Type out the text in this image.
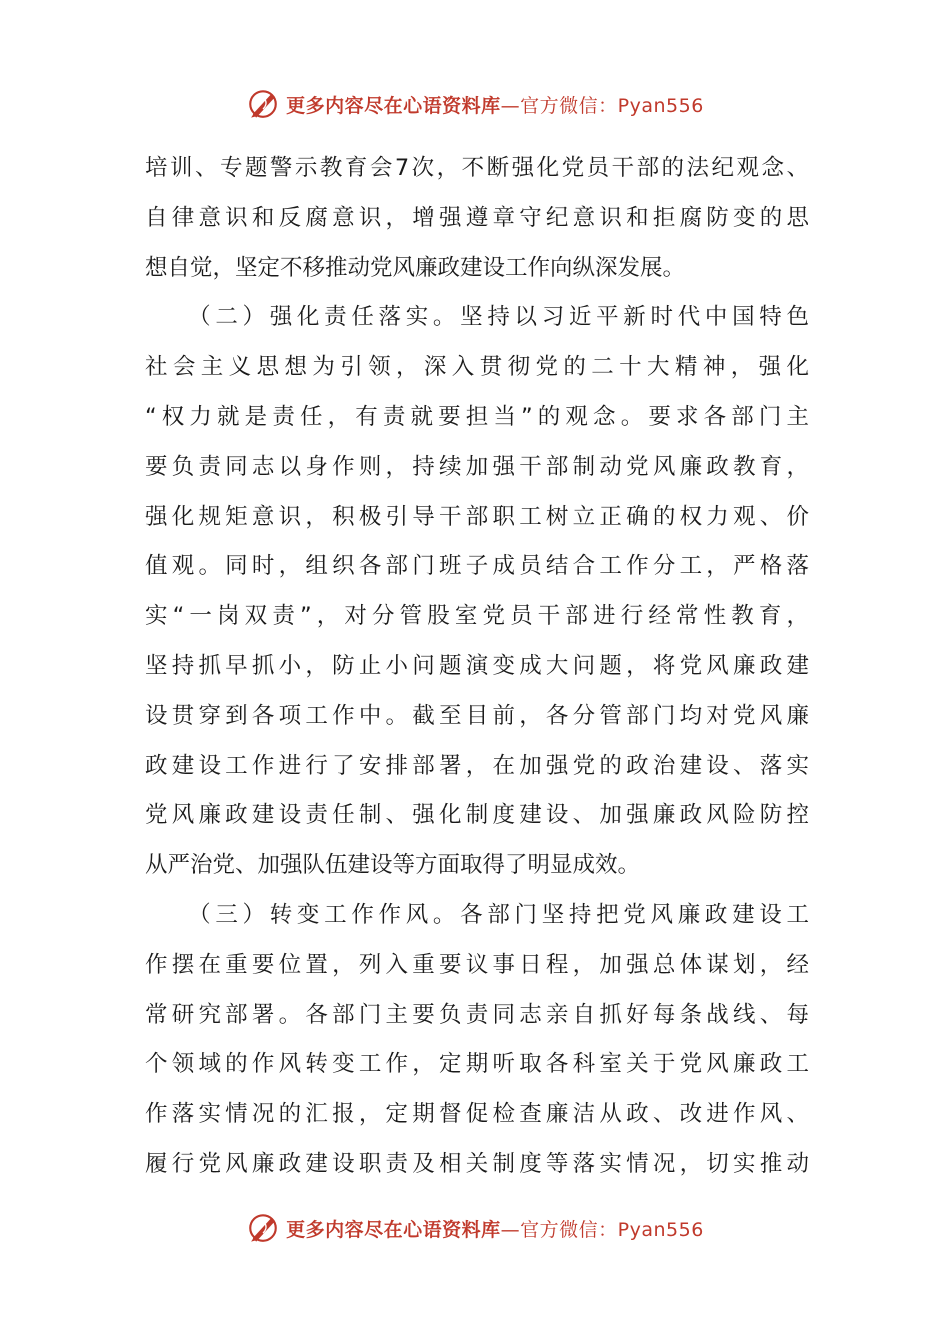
更多内容尽在心语资料库 —官方微信：Pyan556
培训、专题警示教育会7次，不断强化党员干部的法纪观念、
自律意识和反腐意识，增强遵章守纪意识和拒腐防变的思
想自觉，坚定不移推动党风廉政建设工作向纵深发展。
　　（二）强化责任落实。坚持以习近平新时代中国特色
社会主义思想为引领，深入贯彻党的二十大精神，强化
“权力就是责任，有责就要担当”的观念。要求各部门主
要负责同志以身作则，持续加强干部制动党风廉政教育，
强化规矩意识，积极引导干部职工树立正确的权力观、价
值观。同时，组织各部门班子成员结合工作分工，严格落
实“一岗双责”，对分管股室党员干部进行经常性教育，
坚持抓早抓小，防止小问题演变成大问题，将党风廉政建
设贯穿到各项工作中。截至目前，各分管部门均对党风廉
政建设工作进行了安排部署，在加强党的政治建设、落实
党风廉政建设责任制、强化制度建设、加强廉政风险防控
从严治党、加强队伍建设等方面取得了明显成效。
　　（三）转变工作作风。各部门坚持把党风廉政建设工
作摆在重要位置，列入重要议事日程，加强总体谋划，经
常研究部署。各部门主要负责同志亲自抓好每条战线、每
个领域的作风转变工作，定期听取各科室关于党风廉政工
作落实情况的汇报，定期督促检查廉洁从政、改进作风、
履行党风廉政建设职责及相关制度等落实情况，切实推动
更多内容尽在心语资料库 —官方微信：Pyan556
